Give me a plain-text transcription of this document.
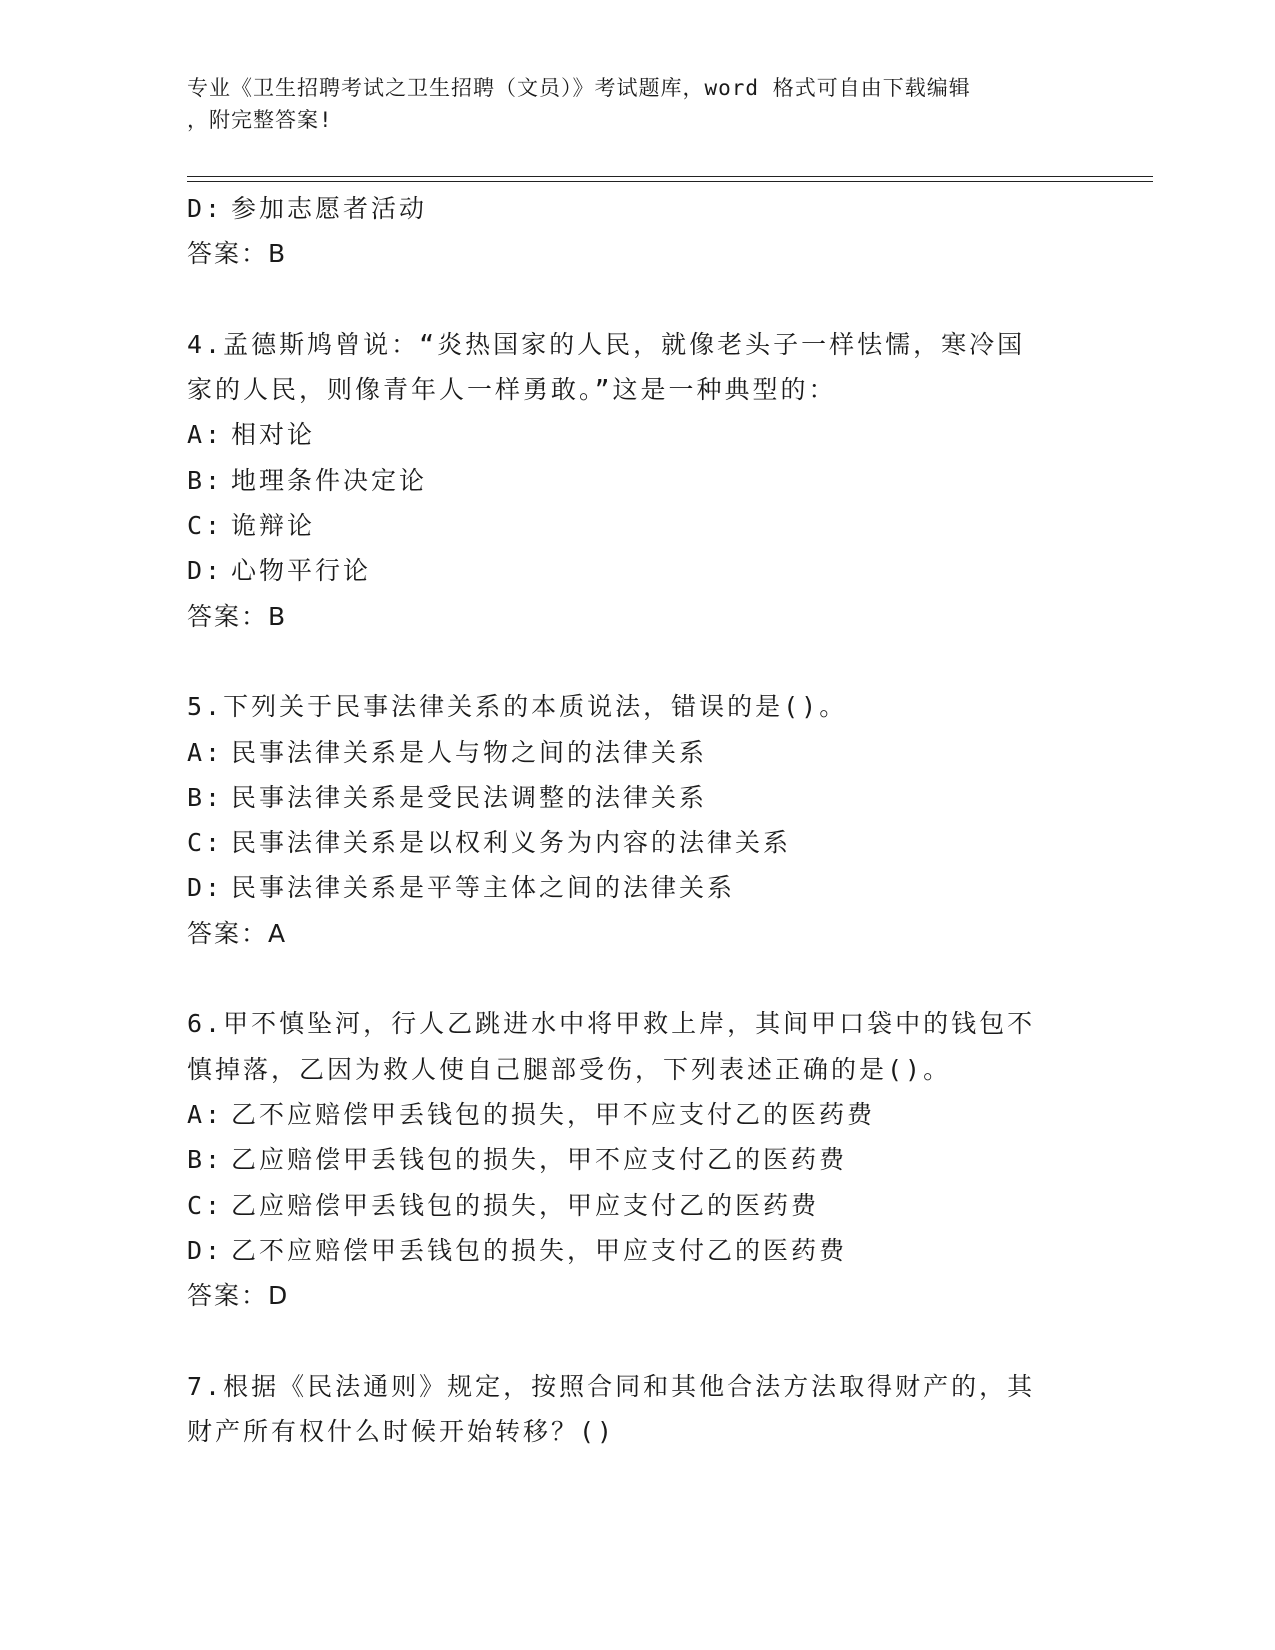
专业《卫生招聘考试之卫生招聘（文员）》考试题库，word 格式可自由下载编辑
，附完整答案!
D: 参加志愿者活动
答案：B
4.孟德斯鸠曾说：“炎热国家的人民，就像老头子一样怯懦，寒冷国
家的人民，则像青年人一样勇敢。”这是一种典型的：
A: 相对论
B: 地理条件决定论
C: 诡辩论
D: 心物平行论
答案：B
5.下列关于民事法律关系的本质说法，错误的是()。
A: 民事法律关系是人与物之间的法律关系
B: 民事法律关系是受民法调整的法律关系
C: 民事法律关系是以权利义务为内容的法律关系
D: 民事法律关系是平等主体之间的法律关系
答案：A
6.甲不慎坠河，行人乙跳进水中将甲救上岸，其间甲口袋中的钱包不
慎掉落，乙因为救人使自己腿部受伤，下列表述正确的是()。
A: 乙不应赔偿甲丢钱包的损失，甲不应支付乙的医药费
B: 乙应赔偿甲丢钱包的损失，甲不应支付乙的医药费
C: 乙应赔偿甲丢钱包的损失，甲应支付乙的医药费
D: 乙不应赔偿甲丢钱包的损失，甲应支付乙的医药费
答案：D
7.根据《民法通则》规定，按照合同和其他合法方法取得财产的，其
财产所有权什么时候开始转移？()
